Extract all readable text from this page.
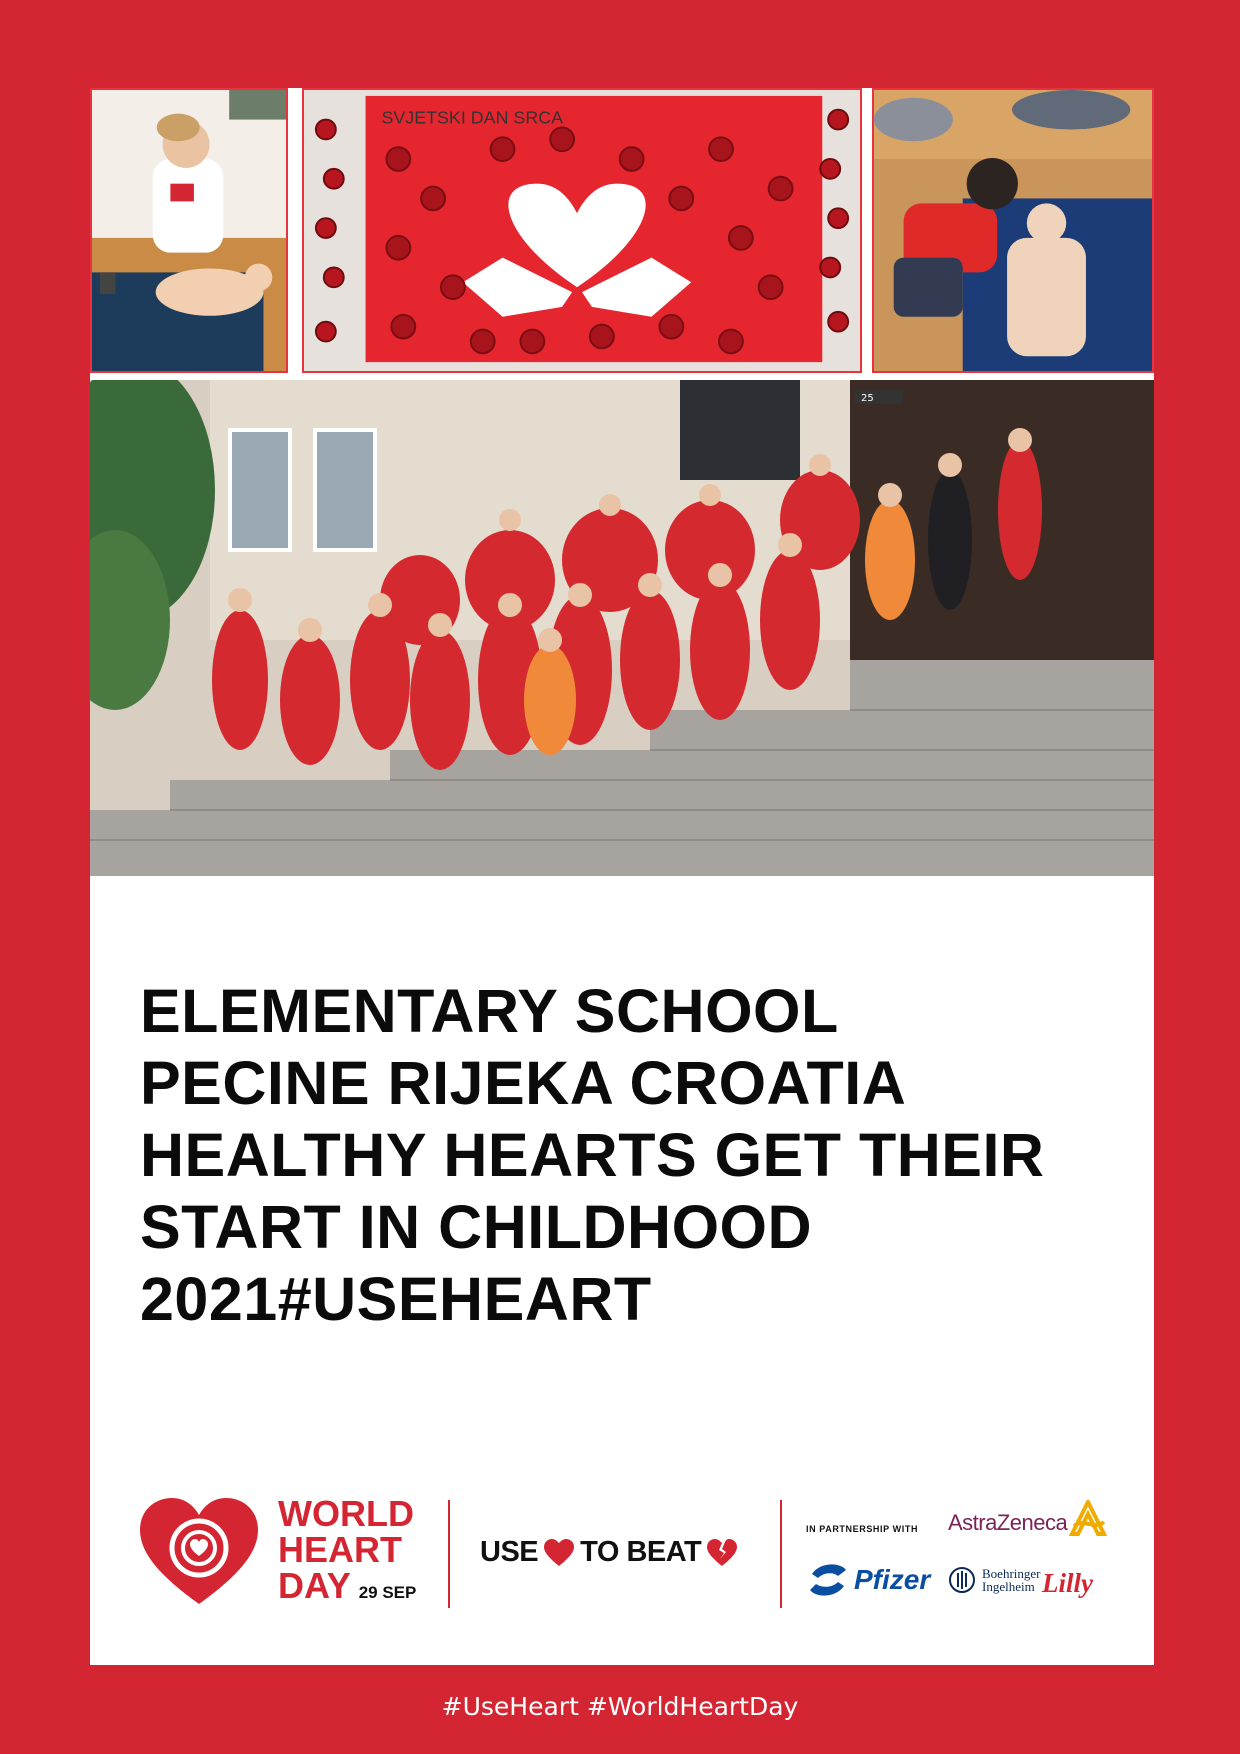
SVJETSKI DAN SRCA
25
ELEMENTARY SCHOOL
PECINE RIJEKA CROATIA
HEALTHY HEARTS GET THEIR
START IN CHILDHOOD
2021#USEHEART
WORLD
HEART
DAY 29 SEP
USE TO BEAT
IN PARTNERSHIP WITH AstraZeneca
Pfizer	Boehringer
Ingelheim Lilly
#UseHeart #WorldHeartDay
